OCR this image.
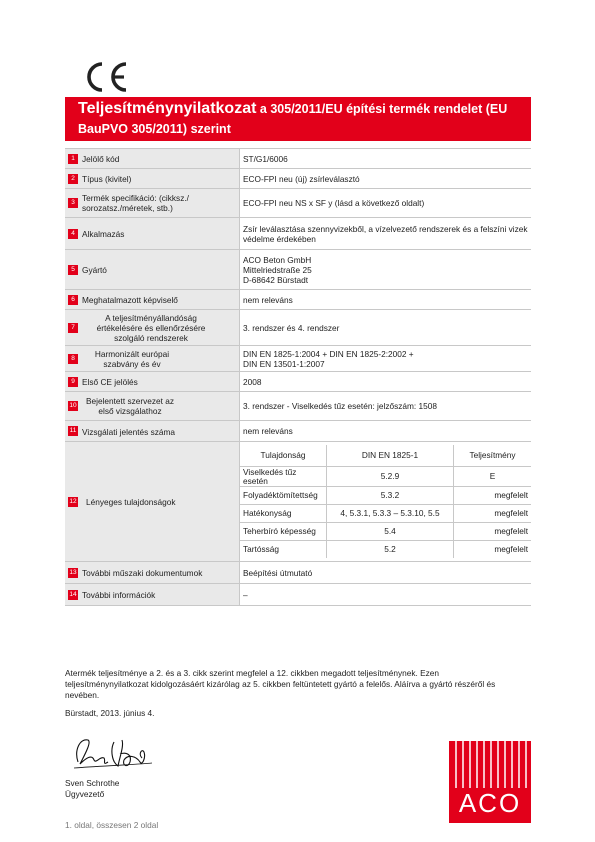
Teljesítménynyilatkozat a 305/2011/EU építési termék rendelet (EU
BauPVO 305/2011) szerint
1 Jelölő kód	ST/G1/6006
2 Típus (kivitel)	ECO-FPI neu (új) zsírleválasztó

3 Termék specifikáció: (cikksz./ sorozatsz./méretek, stb.)	ECO-FPI neu NS x SF y (lásd a következő oldalt)
4 Alkalmazás	Zsír leválasztása szennyvizekből, a vízelvezető rendszerek és a felszíni vizek védelme érdekében
5 Gyártó	ACO Beton GmbH
Mittelriedstraße 25
D-68642 Bürstadt
6 Meghatalmazott képviselő	nem releváns

7
A teljesítményállandóság értékelésére és ellenőrzésére szolgáló rendszerek
	3. rendszer és 4. rendszer

8	Harmonizált európai szabvány és év
	DIN EN 1825-1:2004 + DIN EN 1825-2:2002 +
DIN EN 13501-1:2007
9 Első CE jelölés	2008

10	Bejelentett szervezet az első vizsgálathoz	3. rendszer - Viselkedés tűz esetén: jelzőszám: 1508
11 Vizsgálati jelentés száma	nem releváns
12 Lényeges tulajdonságok	
Tulajdonság	DIN EN 1825-1	Teljesítmény
Viselkedés tűz esetén	5.2.9	E
Folyadéktömítettség	5.3.2	megfelelt
Hatékonyság	4, 5.3.1, 5.3.3 – 5.3.10, 5.5	megfelelt
Teherbíró képesség	5.4	megfelelt
Tartósság	5.2	megfelelt

13 További műszaki dokumentumok	Beépítési útmutató
14 További információk	–
Atermék teljesítménye a 2. és a 3. cikk szerint megfelel a 12. cikkben megadott teljesítménynek. Ezen teljesítménynyilatkozat kidolgozásáért kizárólag az 5. cikkben feltüntetett gyártó a felelős. Aláírva a gyártó részéről és nevében.
Bürstadt, 2013. június 4.
Sven Schrothe
Ügyvezető
1. oldal, összesen 2 oldal
ACO
